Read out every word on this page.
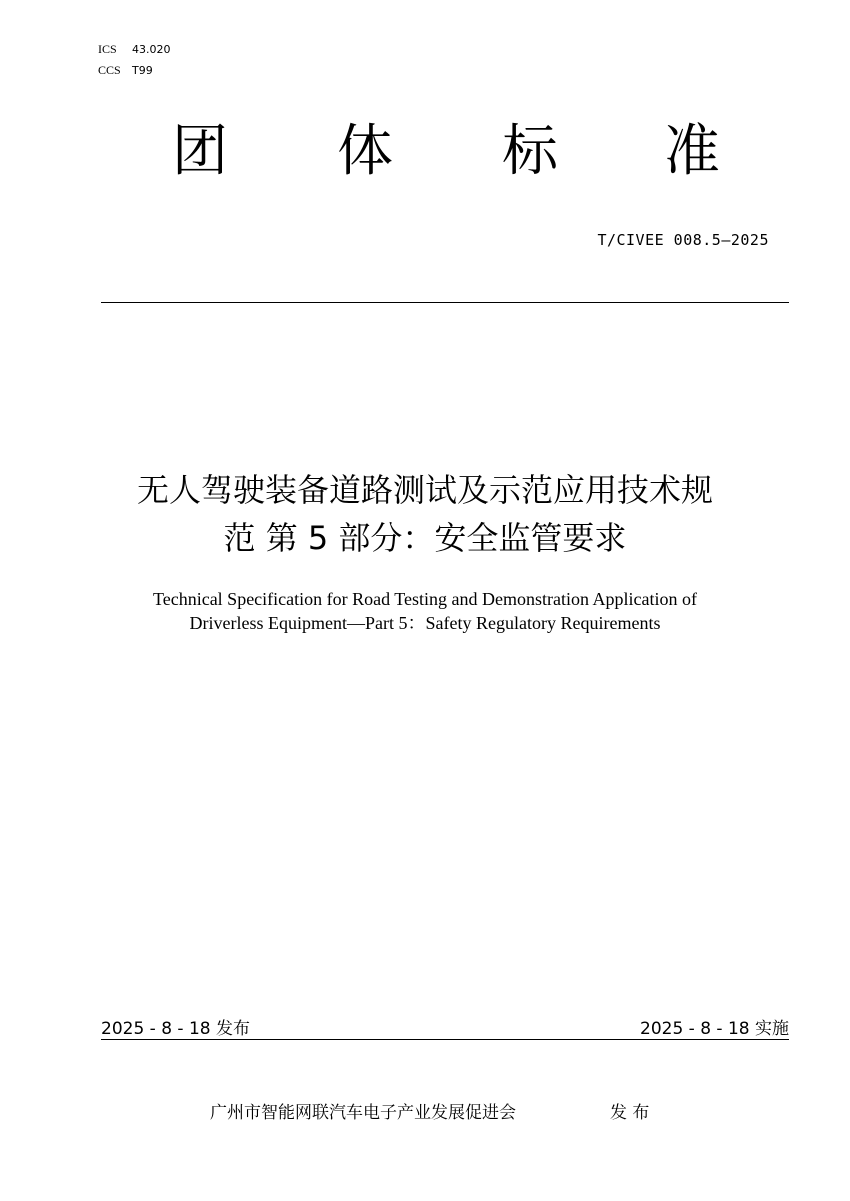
ICS 43.020
CCS T99
团	体	标	准
T/CIVEE 008.5—2025
无人驾驶装备道路测试及示范应用技术规
范 第 5 部分：安全监管要求
Technical Specification for Road Testing and Demonstration Application of
Driverless Equipment—Part 5：Safety Regulatory Requirements
2025 - 8 - 18 发布	2025 - 8 - 18 实施
广州市智能网联汽车电子产业发展促进会	发 布
